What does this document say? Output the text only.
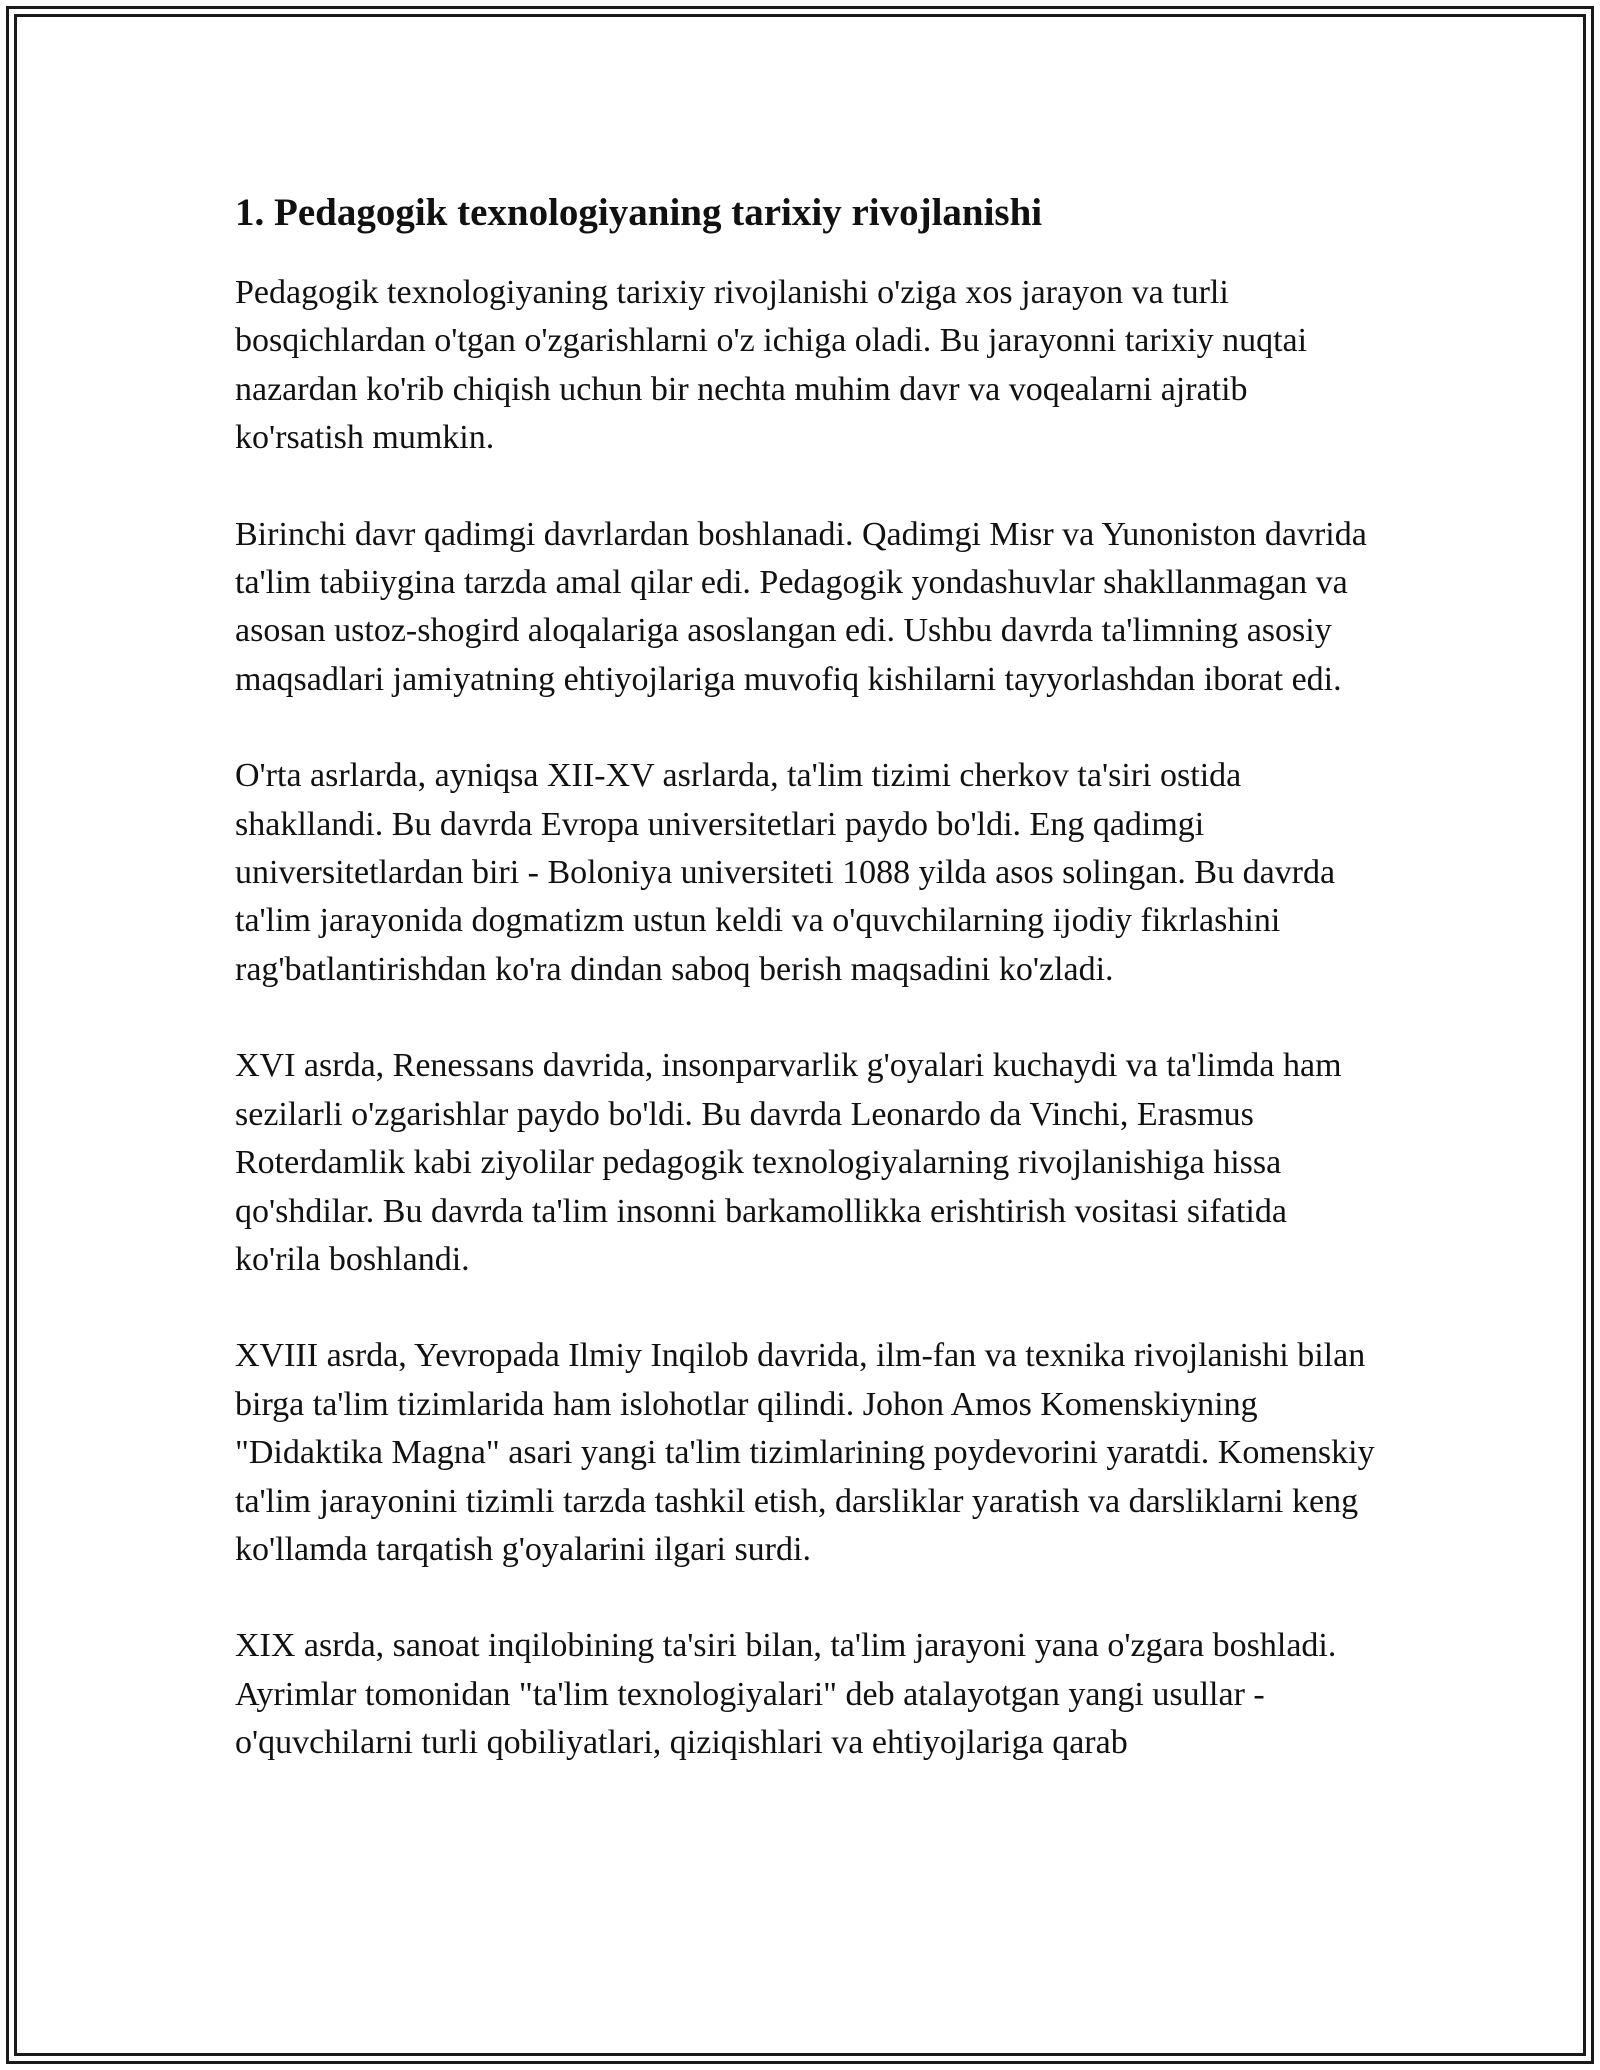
1. Pedagogik texnologiyaning tarixiy rivojlanishi

Pedagogik texnologiyaning tarixiy rivojlanishi o'ziga xos jarayon va turli bosqichlardan o'tgan o'zgarishlarni o'z ichiga oladi. Bu jarayonni tarixiy nuqtai nazardan ko'rib chiqish uchun bir nechta muhim davr va voqealarni ajratib ko'rsatish mumkin.

Birinchi davr qadimgi davrlardan boshlanadi. Qadimgi Misr va Yunoniston davrida ta'lim tabiiygina tarzda amal qilar edi. Pedagogik yondashuvlar shakllanmagan va asosan ustoz-shogird aloqalariga asoslangan edi. Ushbu davrda ta'limning asosiy maqsadlari jamiyatning ehtiyojlariga muvofiq kishilarni tayyorlashdan iborat edi.

O'rta asrlarda, ayniqsa XII-XV asrlarda, ta'lim tizimi cherkov ta'siri ostida shakllandi. Bu davrda Evropa universitetlari paydo bo'ldi. Eng qadimgi universitetlardan biri - Boloniya universiteti 1088 yilda asos solingan. Bu davrda ta'lim jarayonida dogmatizm ustun keldi va o'quvchilarning ijodiy fikrlashini rag'batlantirishdan ko'ra dindan saboq berish maqsadini ko'zladi.

XVI asrda, Renessans davrida, insonparvarlik g'oyalari kuchaydi va ta'limda ham sezilarli o'zgarishlar paydo bo'ldi. Bu davrda Leonardo da Vinchi, Erasmus Roterdamlik kabi ziyolilar pedagogik texnologiyalarning rivojlanishiga hissa qo'shdilar. Bu davrda ta'lim insonni barkamollikka erishtirish vositasi sifatida ko'rila boshlandi.

XVIII asrda, Yevropada Ilmiy Inqilob davrida, ilm-fan va texnika rivojlanishi bilan birga ta'lim tizimlarida ham islohotlar qilindi. Johon Amos Komenskiyning "Didaktika Magna" asari yangi ta'lim tizimlarining poydevorini yaratdi. Komenskiy ta'lim jarayonini tizimli tarzda tashkil etish, darsliklar yaratish va darsliklarni keng ko'llamda tarqatish g'oyalarini ilgari surdi.

XIX asrda, sanoat inqilobining ta'siri bilan, ta'lim jarayoni yana o'zgara boshladi. Ayrimlar tomonidan "ta'lim texnologiyalari" deb atalayotgan yangi usullar - o'quvchilarni turli qobiliyatlari, qiziqishlari va ehtiyojlariga qarab
